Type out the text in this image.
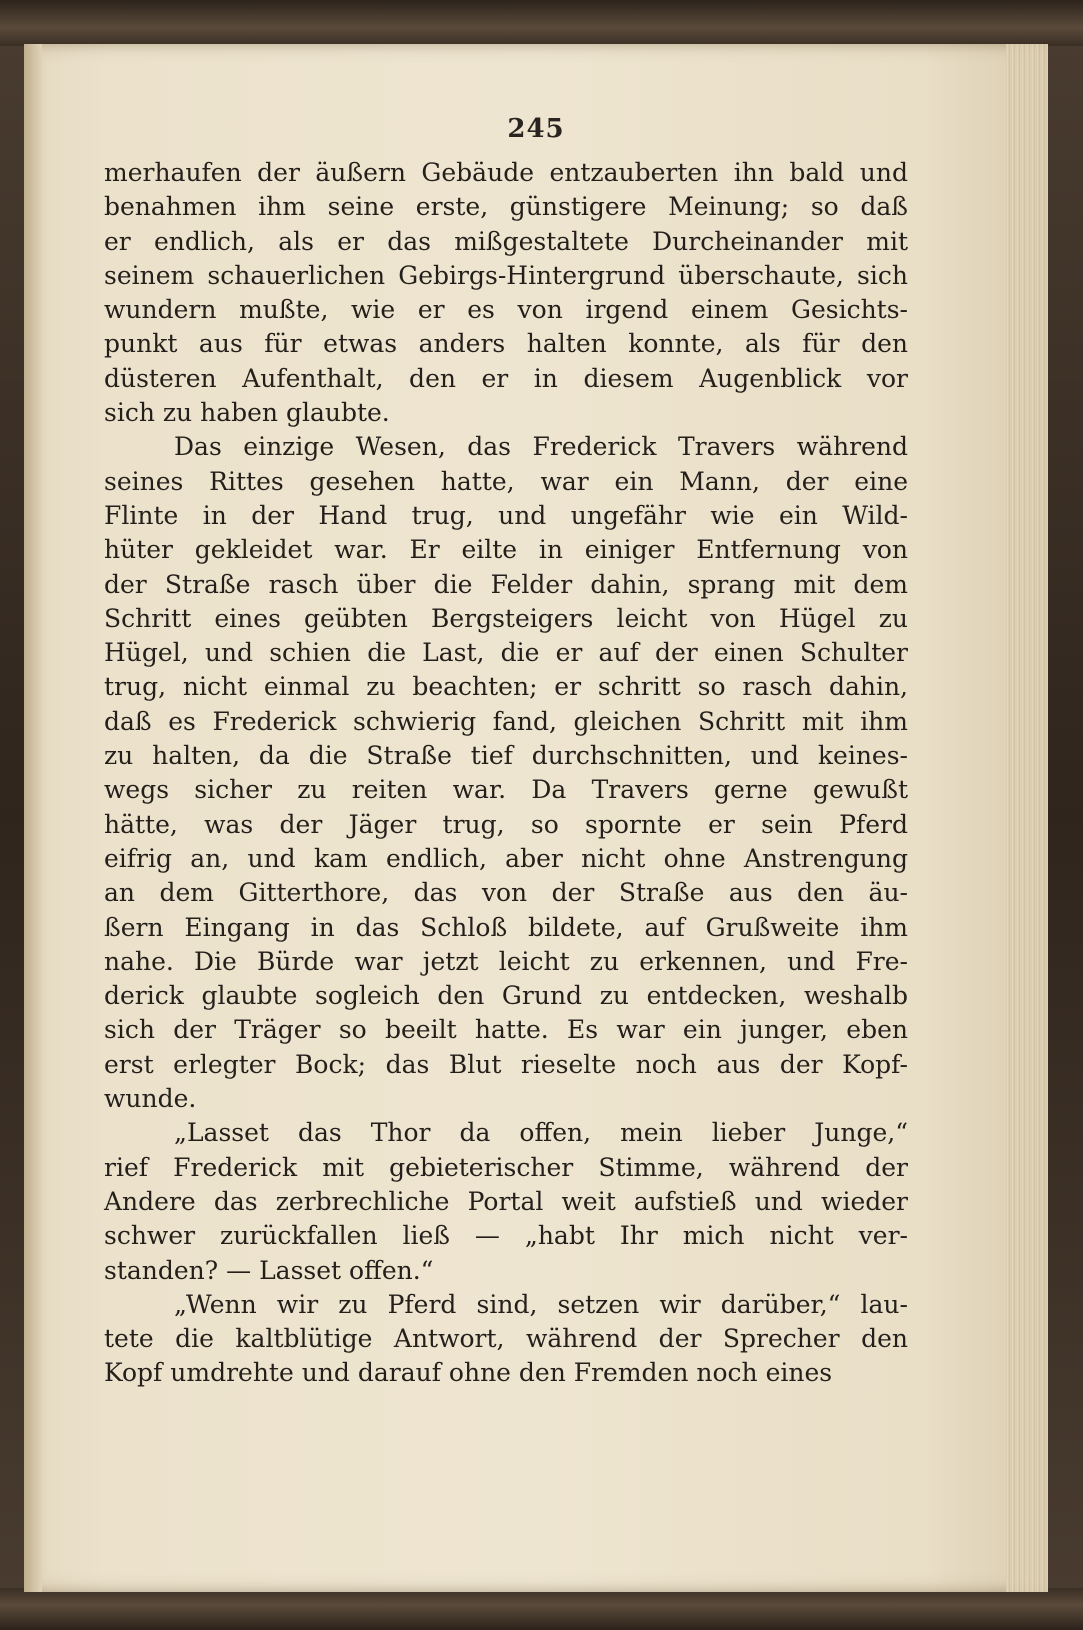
245

merhaufen der äußern Gebäude entzauberten ihn bald und
benahmen ihm seine erste, günstigere Meinung; so daß
er endlich, als er das mißgestaltete Durcheinander mit
seinem schauerlichen Gebirgs-Hintergrund überschaute, sich
wundern mußte, wie er es von irgend einem Gesichts-
punkt aus für etwas anders halten konnte, als für den
düsteren Aufenthalt, den er in diesem Augenblick vor
sich zu haben glaubte.

Das einzige Wesen, das Frederick Travers während
seines Rittes gesehen hatte, war ein Mann, der eine
Flinte in der Hand trug, und ungefähr wie ein Wild-
hüter gekleidet war. Er eilte in einiger Entfernung von
der Straße rasch über die Felder dahin, sprang mit dem
Schritt eines geübten Bergsteigers leicht von Hügel zu
Hügel, und schien die Last, die er auf der einen Schulter
trug, nicht einmal zu beachten; er schritt so rasch dahin,
daß es Frederick schwierig fand, gleichen Schritt mit ihm
zu halten, da die Straße tief durchschnitten, und keines-
wegs sicher zu reiten war. Da Travers gerne gewußt
hätte, was der Jäger trug, so spornte er sein Pferd
eifrig an, und kam endlich, aber nicht ohne Anstrengung
an dem Gitterthore, das von der Straße aus den äu-
ßern Eingang in das Schloß bildete, auf Grußweite ihm
nahe. Die Bürde war jetzt leicht zu erkennen, und Fre-
derick glaubte sogleich den Grund zu entdecken, weshalb
sich der Träger so beeilt hatte. Es war ein junger, eben
erst erlegter Bock; das Blut rieselte noch aus der Kopf-
wunde.

„Lasset das Thor da offen, mein lieber Junge,“
rief Frederick mit gebieterischer Stimme, während der
Andere das zerbrechliche Portal weit aufstieß und wieder
schwer zurückfallen ließ — „habt Ihr mich nicht ver-
standen? — Lasset offen.“

„Wenn wir zu Pferd sind, setzen wir darüber,“ lau-
tete die kaltblütige Antwort, während der Sprecher den
Kopf umdrehte und darauf ohne den Fremden noch eines
